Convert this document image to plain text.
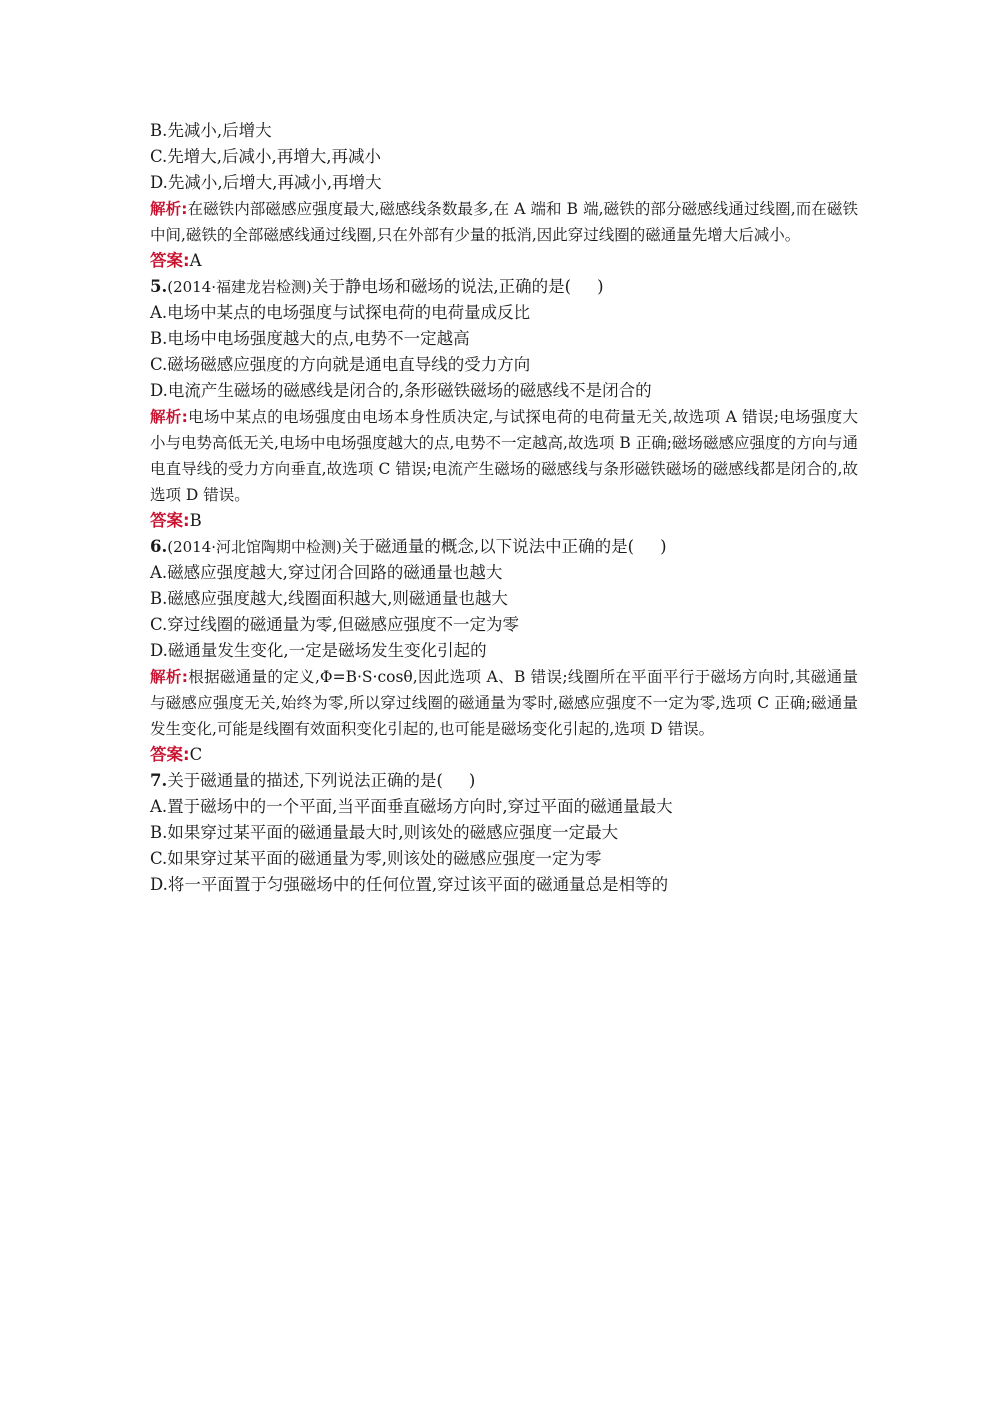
B.先减小,后增大
C.先增大,后减小,再增大,再减小
D.先减小,后增大,再减小,再增大
解析:在磁铁内部磁感应强度最大,磁感线条数最多,在 A 端和 B 端,磁铁的部分磁感线通过线圈,而在磁铁中间,磁铁的全部磁感线通过线圈,只在外部有少量的抵消,因此穿过线圈的磁通量先增大后减小。
答案:A
5.(2014·福建龙岩检测)关于静电场和磁场的说法,正确的是( )
A.电场中某点的电场强度与试探电荷的电荷量成反比
B.电场中电场强度越大的点,电势不一定越高
C.磁场磁感应强度的方向就是通电直导线的受力方向
D.电流产生磁场的磁感线是闭合的,条形磁铁磁场的磁感线不是闭合的
解析:电场中某点的电场强度由电场本身性质决定,与试探电荷的电荷量无关,故选项 A 错误;电场强度大小与电势高低无关,电场中电场强度越大的点,电势不一定越高,故选项 B 正确;磁场磁感应强度的方向与通电直导线的受力方向垂直,故选项 C 错误;电流产生磁场的磁感线与条形磁铁磁场的磁感线都是闭合的,故选项 D 错误。
答案:B
6.(2014·河北馆陶期中检测)关于磁通量的概念,以下说法中正确的是( )
A.磁感应强度越大,穿过闭合回路的磁通量也越大
B.磁感应强度越大,线圈面积越大,则磁通量也越大
C.穿过线圈的磁通量为零,但磁感应强度不一定为零
D.磁通量发生变化,一定是磁场发生变化引起的
解析:根据磁通量的定义,Φ=B·S·cosθ,因此选项 A、B 错误;线圈所在平面平行于磁场方向时,其磁通量与磁感应强度无关,始终为零,所以穿过线圈的磁通量为零时,磁感应强度不一定为零,选项 C 正确;磁通量发生变化,可能是线圈有效面积变化引起的,也可能是磁场变化引起的,选项 D 错误。
答案:C
7.关于磁通量的描述,下列说法正确的是( )
A.置于磁场中的一个平面,当平面垂直磁场方向时,穿过平面的磁通量最大
B.如果穿过某平面的磁通量最大时,则该处的磁感应强度一定最大
C.如果穿过某平面的磁通量为零,则该处的磁感应强度一定为零
D.将一平面置于匀强磁场中的任何位置,穿过该平面的磁通量总是相等的
